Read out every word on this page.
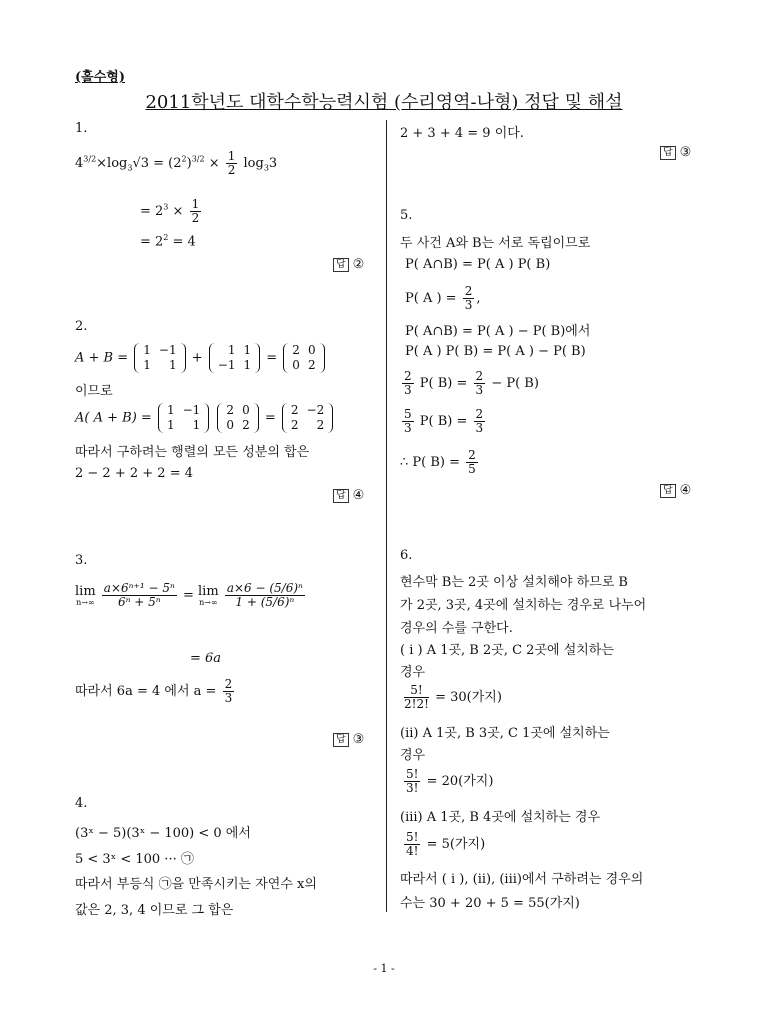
(홀수형)
2011학년도 대학수학능력시험 (수리영역-나형) 정답 및 해설
1.
$4^{3/2}\times\log_3√3 = (2^2)^{3/2} \times \frac{1}{2} \log_33$
= $2^3 \times \frac{1}{2}$
= $2^2 = 4$
답 ②
2.
A + B =
1	−1
1	1 +
1	1
−1	1 =
2	0
0	2
이므로
A( A + B) =
1	−1
1	1

2	0
0	2 =
2	−2
2	2
따라서 구하려는 행렬의 모든 성분의 합은
2 − 2 + 2 + 2 = 4
답 ④
3.
lim
n→∞
$\frac{\text{a×6ⁿ⁺¹ − 5ⁿ}}{\text{6ⁿ + 5ⁿ}} = \lim$
n→∞
$\frac{\text{a×6 − (5/6)ⁿ}}{\text{1 + (5/6)ⁿ}}$
= 6a
따라서 6a = 4 에서 $a = \frac{2}{3}$
답 ③
4.
(3ˣ − 5)(3ˣ − 100) < 0 에서
5 < 3ˣ < 100 ··· ㉠
따라서 부등식 ㉠을 만족시키는 자연수 x의
값은 2, 3, 4 이므로 그 합은
2 + 3 + 4 = 9 이다.
답 ③
5.
두 사건 A와 B는 서로 독립이므로
P( A∩B) = P( A ) P( B)
P( A ) = $\frac{2}{3}$ ,
P( A∩B) = P( A ) − P( B)에서
P( A ) P( B) = P( A ) − P( B)
$\frac{2}{3} P$( $B) = \frac{2}{3} - P$( B)
$\frac{5}{3} P$( $B) = \frac{2}{3}$
∴ P( $B) = \frac{2}{5}$
답 ④
6.
현수막 B는 2곳 이상 설치해야 하므로 B
가 2곳, 3곳, 4곳에 설치하는 경우로 나누어
경우의 수를 구한다.
( i ) A 1곳, B 2곳, C 2곳에 설치하는
경우
$\frac{5!}{2!2!} = 30$(가지)
(ii) A 1곳, B 3곳, C 1곳에 설치하는
경우
$\frac{5!}{3!} = 20$(가지)
(iii) A 1곳, B 4곳에 설치하는 경우
$\frac{5!}{4!} = 5$(가지)
따라서 ( i ), (ii), (iii)에서 구하려는 경우의
수는 30 + 20 + 5 = 55(가지)
- 1 -
